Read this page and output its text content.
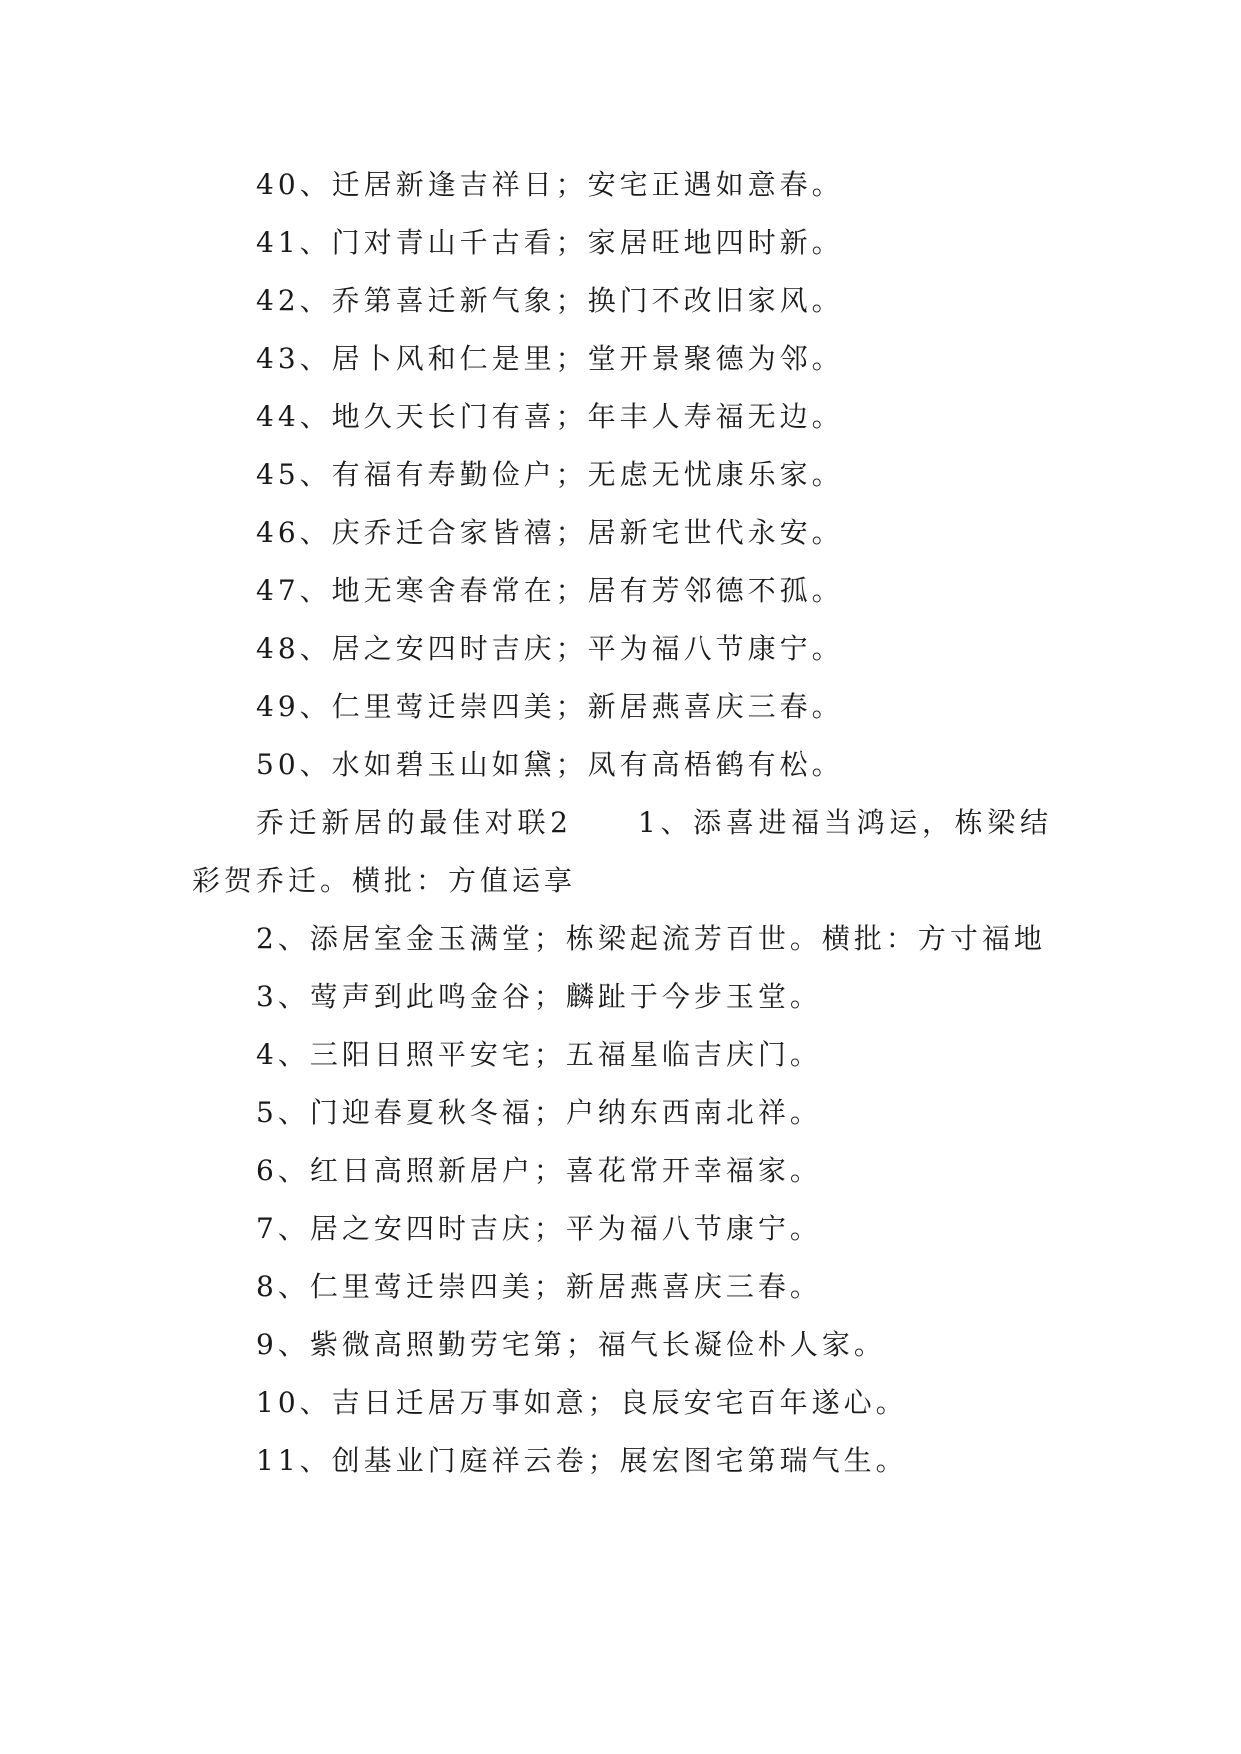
40、迁居新逢吉祥日；安宅正遇如意春。

41、门对青山千古看；家居旺地四时新。

42、乔第喜迁新气象；换门不改旧家风。

43、居卜风和仁是里；堂开景聚德为邻。

44、地久天长门有喜；年丰人寿福无边。

45、有福有寿勤俭户；无虑无忧康乐家。

46、庆乔迁合家皆禧；居新宅世代永安。

47、地无寒舍春常在；居有芳邻德不孤。

48、居之安四时吉庆；平为福八节康宁。

49、仁里莺迁崇四美；新居燕喜庆三春。

50、水如碧玉山如黛；凤有高梧鹤有松。

乔迁新居的最佳对联2　　1、添喜进福当鸿运，栋梁结彩贺乔迁。横批：方值运享

2、添居室金玉满堂；栋梁起流芳百世。横批：方寸福地

3、莺声到此鸣金谷；麟趾于今步玉堂。

4、三阳日照平安宅；五福星临吉庆门。

5、门迎春夏秋冬福；户纳东西南北祥。

6、红日高照新居户；喜花常开幸福家。

7、居之安四时吉庆；平为福八节康宁。

8、仁里莺迁崇四美；新居燕喜庆三春。

9、紫微高照勤劳宅第；福气长凝俭朴人家。

10、吉日迁居万事如意；良辰安宅百年遂心。

11、创基业门庭祥云卷；展宏图宅第瑞气生。
